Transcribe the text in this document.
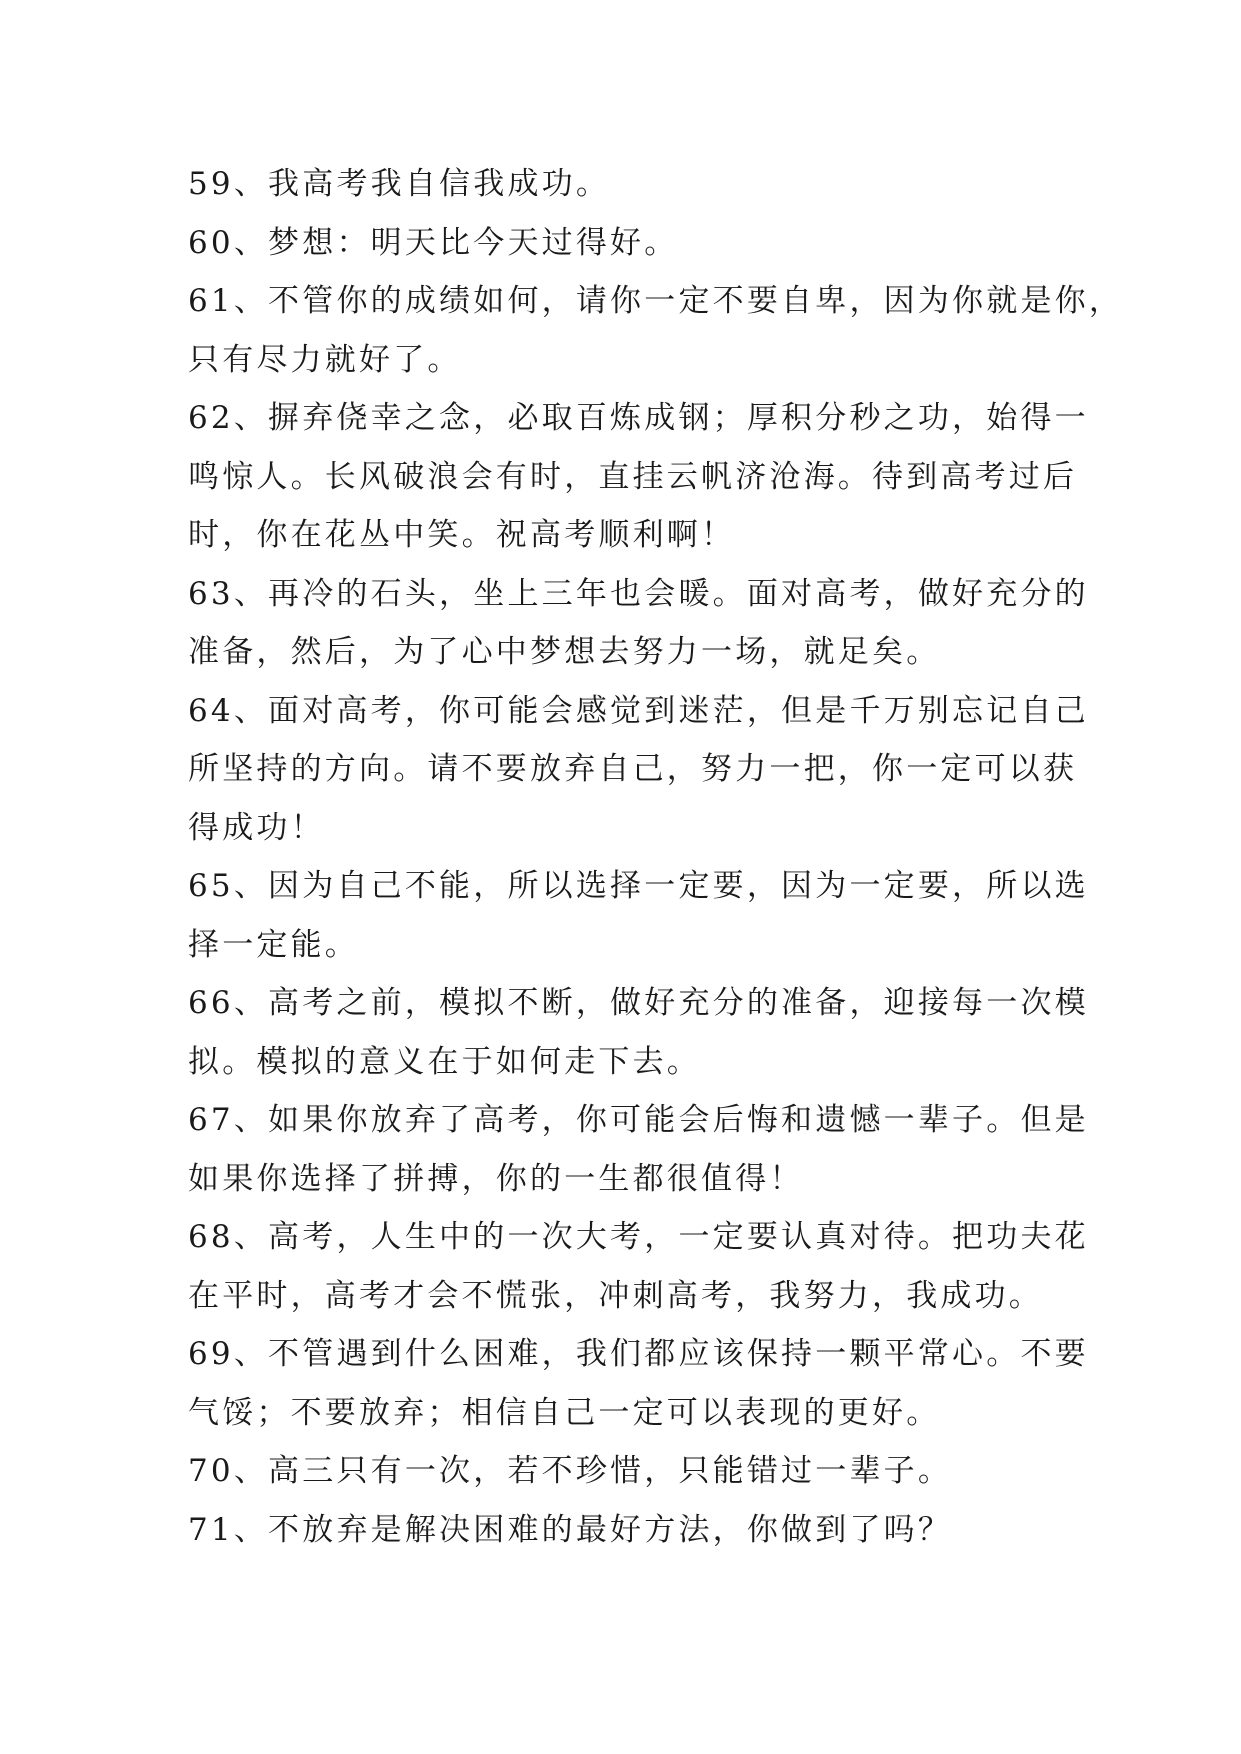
59、我高考我自信我成功。
60、梦想：明天比今天过得好。
61、不管你的成绩如何，请你一定不要自卑，因为你就是你，
只有尽力就好了。
62、摒弃侥幸之念，必取百炼成钢；厚积分秒之功，始得一
鸣惊人。长风破浪会有时，直挂云帆济沧海。待到高考过后
时，你在花丛中笑。祝高考顺利啊！
63、再冷的石头，坐上三年也会暖。面对高考，做好充分的
准备，然后，为了心中梦想去努力一场，就足矣。
64、面对高考，你可能会感觉到迷茫，但是千万别忘记自己
所坚持的方向。请不要放弃自己，努力一把，你一定可以获
得成功！
65、因为自己不能，所以选择一定要，因为一定要，所以选
择一定能。
66、高考之前，模拟不断，做好充分的准备，迎接每一次模
拟。模拟的意义在于如何走下去。
67、如果你放弃了高考，你可能会后悔和遗憾一辈子。但是
如果你选择了拼搏，你的一生都很值得！
68、高考，人生中的一次大考，一定要认真对待。把功夫花
在平时，高考才会不慌张，冲刺高考，我努力，我成功。
69、不管遇到什么困难，我们都应该保持一颗平常心。不要
气馁；不要放弃；相信自己一定可以表现的更好。
70、高三只有一次，若不珍惜，只能错过一辈子。
71、不放弃是解决困难的最好方法，你做到了吗？
